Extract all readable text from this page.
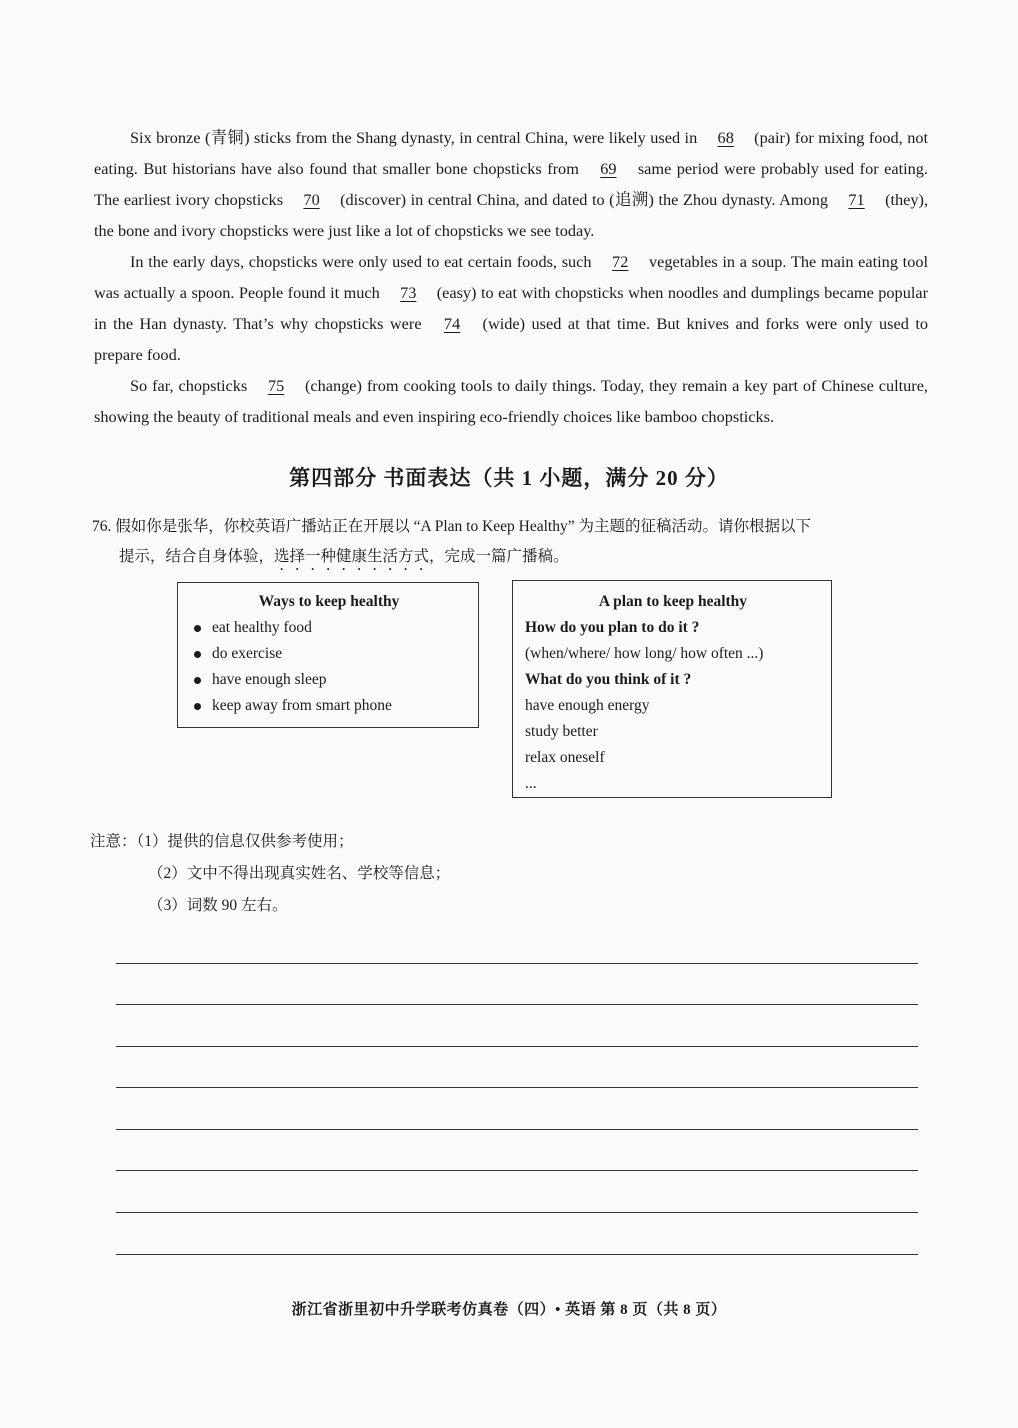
Six bronze (青铜) sticks from the Shang dynasty, in central China, were likely used in 68 (pair) for mixing food, not eating. But historians have also found that smaller bone chopsticks from 69 same period were probably used for eating. The earliest ivory chopsticks 70 (discover) in central China, and dated to (追溯) the Zhou dynasty. Among 71 (they), the bone and ivory chopsticks were just like a lot of chopsticks we see today.

In the early days, chopsticks were only used to eat certain foods, such 72 vegetables in a soup. The main eating tool was actually a spoon. People found it much 73 (easy) to eat with chopsticks when noodles and dumplings became popular in the Han dynasty. That’s why chopsticks were 74 (wide) used at that time. But knives and forks were only used to prepare food.

So far, chopsticks 75 (change) from cooking tools to daily things. Today, they remain a key part of Chinese culture, showing the beauty of traditional meals and even inspiring eco-friendly choices like bamboo chopsticks.

第四部分 书面表达（共 1 小题，满分 20 分）
76. 假如你是张华，你校英语广播站正在开展以 “A Plan to Keep Healthy” 为主题的征稿活动。请你根据以下
提示，结合自身体验，选择一种健康生活方式，完成一篇广播稿。
Ways to keep healthy
eat healthy food
do exercise
have enough sleep
keep away from smart phone
A plan to keep healthy
How do you plan to do it ?
(when/where/ how long/ how often ...)
What do you think of it ?
have enough energy
study better
relax oneself
...
注意：（1）提供的信息仅供参考使用；
（2）文中不得出现真实姓名、学校等信息；
（3）词数 90 左右。
浙江省浙里初中升学联考仿真卷（四）• 英语 第 8 页（共 8 页）
